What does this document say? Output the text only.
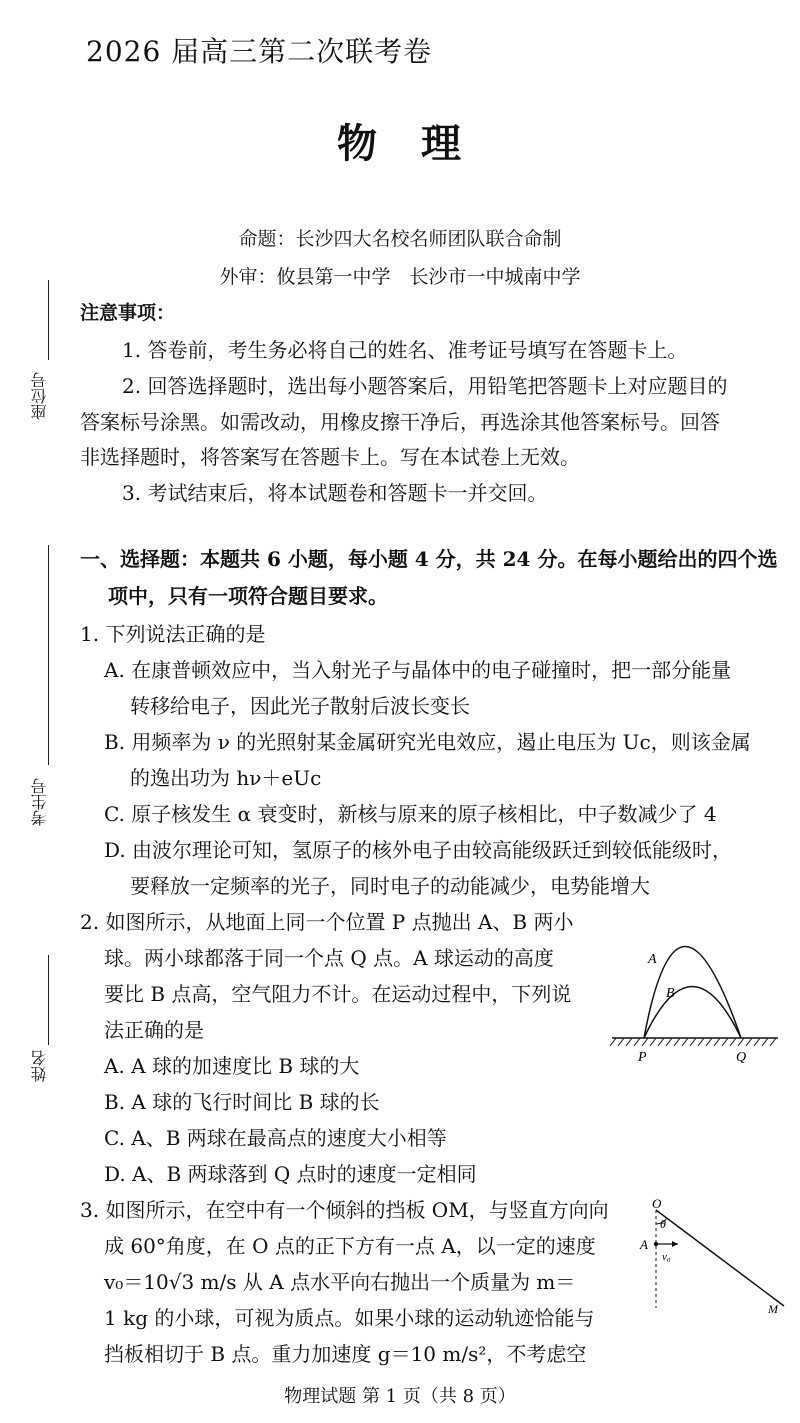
2026 届高三第二次联考卷
物　理
命题：长沙四大名校名师团队联合命制
外审：攸县第一中学　长沙市一中城南中学
座位号
考生号
姓名
注意事项：
1. 答卷前，考生务必将自己的姓名、准考证号填写在答题卡上。
2. 回答选择题时，选出每小题答案后，用铅笔把答题卡上对应题目的
答案标号涂黑。如需改动，用橡皮擦干净后，再选涂其他答案标号。回答
非选择题时，将答案写在答题卡上。写在本试卷上无效。
3. 考试结束后，将本试题卷和答题卡一并交回。
一、选择题：本题共 6 小题，每小题 4 分，共 24 分。在每小题给出的四个选
项中，只有一项符合题目要求。
1. 下列说法正确的是
A. 在康普顿效应中，当入射光子与晶体中的电子碰撞时，把一部分能量
转移给电子，因此光子散射后波长变长
B. 用频率为 ν 的光照射某金属研究光电效应，遏止电压为 Uc，则该金属
的逸出功为 hν＋eUc
C. 原子核发生 α 衰变时，新核与原来的原子核相比，中子数减少了 4
D. 由波尔理论可知，氢原子的核外电子由较高能级跃迁到较低能级时，
要释放一定频率的光子，同时电子的动能减少，电势能增大
2. 如图所示，从地面上同一个位置 P 点抛出 A、B 两小
球。两小球都落于同一个点 Q 点。A 球运动的高度
要比 B 点高，空气阻力不计。在运动过程中，下列说
法正确的是
A. A 球的加速度比 B 球的大
B. A 球的飞行时间比 B 球的长
C. A、B 两球在最高点的速度大小相等
D. A、B 两球落到 Q 点时的速度一定相同
A
B
P	Q
3. 如图所示，在空中有一个倾斜的挡板 OM，与竖直方向向
成 60°角度，在 O 点的正下方有一点 A，以一定的速度
v₀＝10√3 m/s 从 A 点水平向右抛出一个质量为 m＝
1 kg 的小球，可视为质点。如果小球的运动轨迹恰能与
挡板相切于 B 点。重力加速度 g＝10 m/s²，不考虑空
O
A
θ
v₀
M
物理试题 第 1 页（共 8 页）
